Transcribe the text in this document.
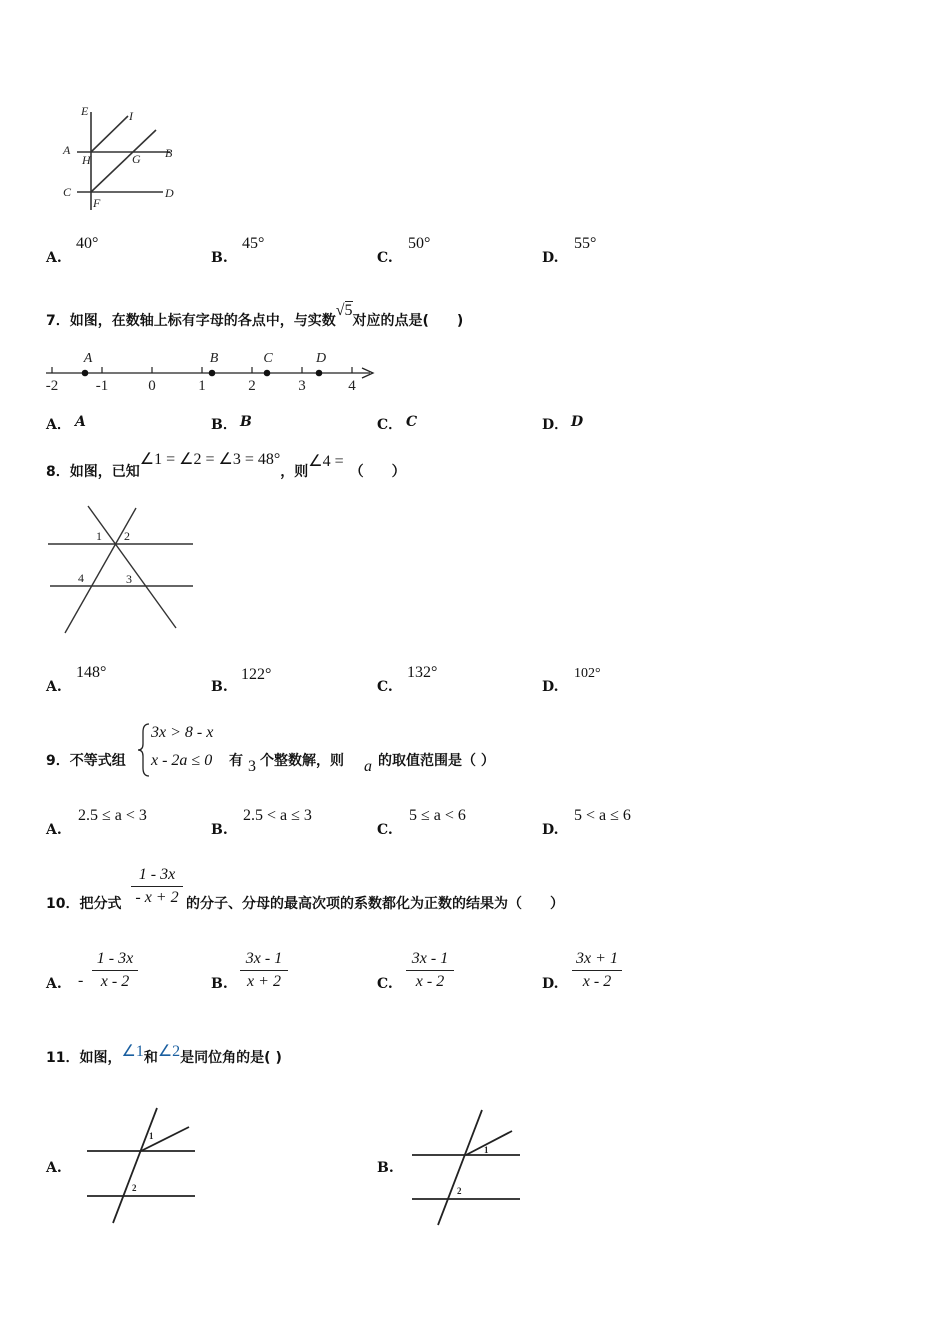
E	I
A
H	G B
C
F
D
A.
40°
B.
45°
C.
50°
D.
55°
7．如图，在数轴上标有字母的各点中，与实数√5对应的点是(　　)
-2	-1	0	1	2	3	4
A	B	C	D
A． A	B． B	C． C	D． D
8．如图，已知∠1 = ∠2 = ∠3 = 48°，则∠4 =（　　）
1 2
3
4
A.
148°
B.
122°
C.
132°
D.
102°
9．不等式组
3x > 8 - x
x - 2a ≤ 0 有 3 个整数解，则 a 的取值范围是（ ）
A.
2.5 ≤ a < 3
B.
2.5 < a ≤ 3
C.
5 ≤ a < 6
D.
5 < a ≤ 6
10．把分式 $\frac{1 - 3x}{- x + 2}$ 的分子、分母的最高次项的系数都化为正数的结果为（　　）
A. - $\frac{1 - 3x}{x - 2}$	B. $\frac{3x - 1}{x + 2}$	C. $\frac{3x - 1}{x - 2}$	D. $\frac{3x + 1}{x - 2}$
11．如图，∠1和∠2是同位角的是( )
A.
1
2
B.
1
2
